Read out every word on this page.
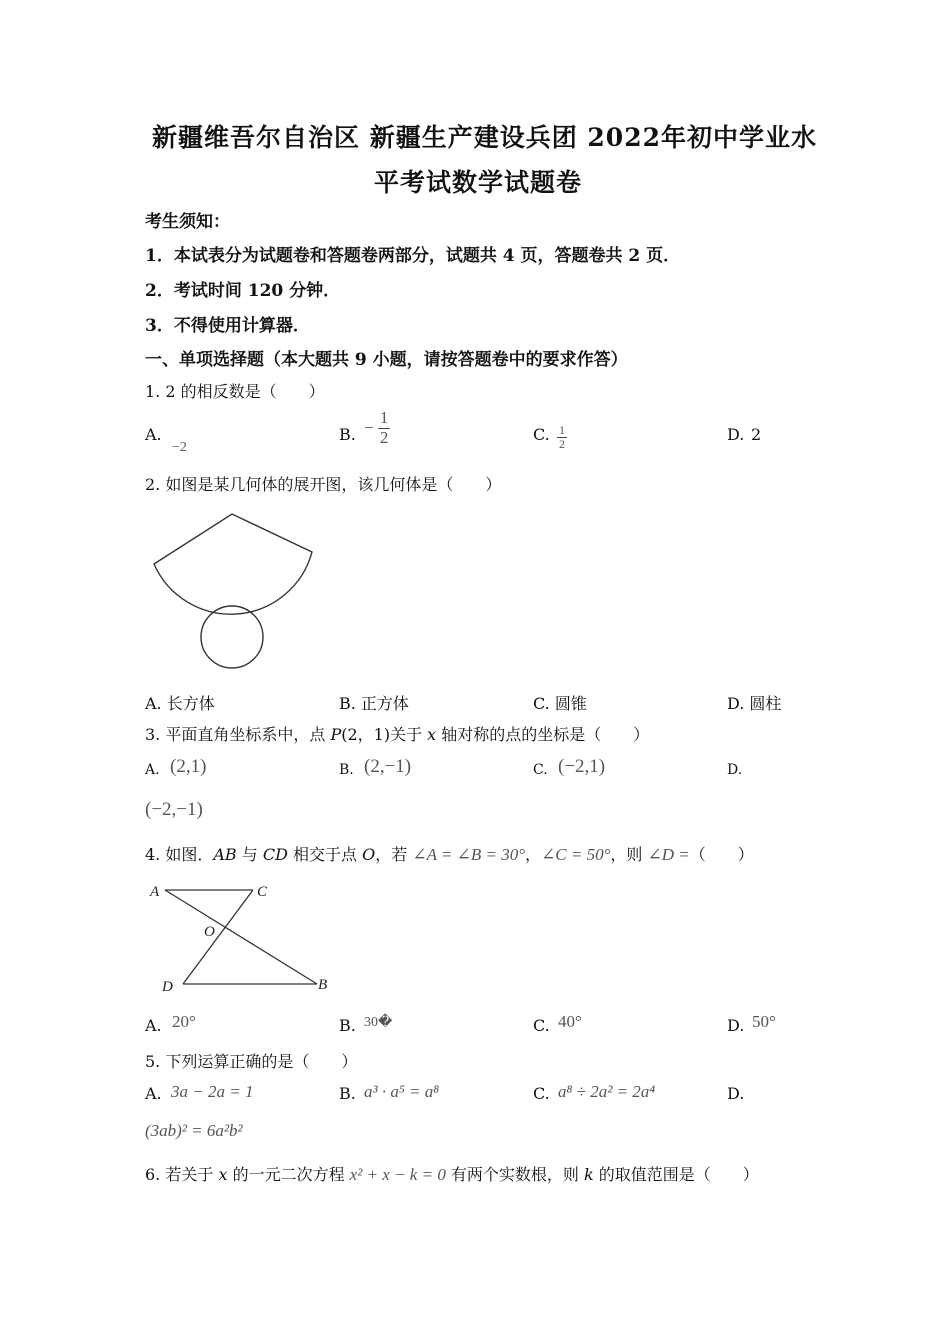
新疆维吾尔自治区 新疆生产建设兵团 2022年初中学业水
平考试数学试题卷
考生须知：
1．本试表分为试题卷和答题卷两部分，试题共 4 页，答题卷共 2 页．
2．考试时间 120 分钟．
3．不得使用计算器．
一、单项选择题（本大题共 9 小题，请按答题卷中的要求作答）
1. 2 的相反数是（　　）
A.
−2
B. − $\frac{1}{2}$	C. $\frac{1}{2}$	D. 2
2. 如图是某几何体的展开图，该几何体是（　　）
A. 长方体	B. 正方体	C. 圆锥	D. 圆柱
3. 平面直角坐标系中，点 P(2，1)关于 x 轴对称的点的坐标是（　　）
A. (2,1)	B. (2,−1)	C. (−2,1)	D.
(−2,−1)
4. 如图．AB 与 CD 相交于点 O，若 ∠A = ∠B = 30°，∠C = 50°，则 ∠D =（　　）
A	C
O
D	B
A. 20°	B. 30�	C. 40°	D. 50°
5. 下列运算正确的是（　　）
A. 3a − 2a = 1	B. a³ · a⁵ = a⁸	C. a⁸ ÷ 2a² = 2a⁴	D.
(3ab)² = 6a²b²
6. 若关于 x 的一元二次方程 x² + x − k = 0 有两个实数根，则 k 的取值范围是（　　）
